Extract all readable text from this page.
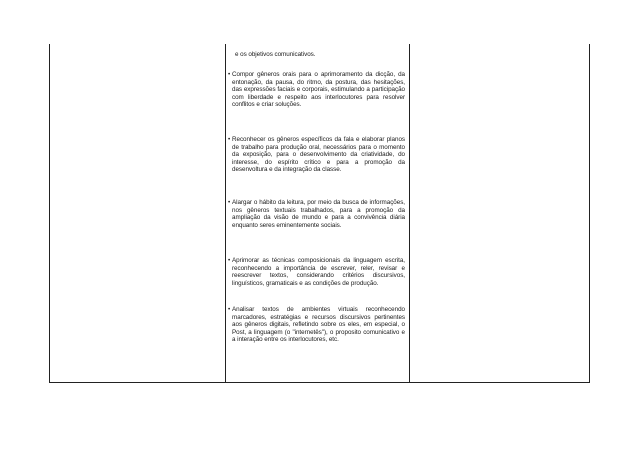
e os objetivos comunicativos.
• Compor gêneros orais para o aprimoramento da dicção, da entonação, da pausa, do ritmo, da postura, das hesitações, das expressões faciais e corporais, estimulando a participação com liberdade e respeito aos interlocutores para resolver conflitos e criar soluções.
• Reconhecer os gêneros específicos da fala e elaborar planos de trabalho para produção oral, necessários para o momento da exposição, para o desenvolvimento da criatividade, do interesse, do espírito crítico e para a promoção da desenvoltura e da integração da classe.
• Alargar o hábito da leitura, por meio da busca de informações, nos gêneros textuais trabalhados, para a promoção da ampliação da visão de mundo e para a convivência diária enquanto seres eminentemente sociais.
• Aprimorar as técnicas composicionais da linguagem escrita, reconhecendo a importância de escrever, reler, revisar e reescrever textos, considerando critérios discursivos, linguísticos, gramaticais e as condições de produção.
• Analisar textos de ambientes virtuais reconhecendo marcadores, estratégias e recursos discursivos pertinentes aos gêneros digitais, refletindo sobre os eles, em especial, o Post, a linguagem (o "internetês"), o proposito comunicativo e a interação entre os interlocutores, etc.
